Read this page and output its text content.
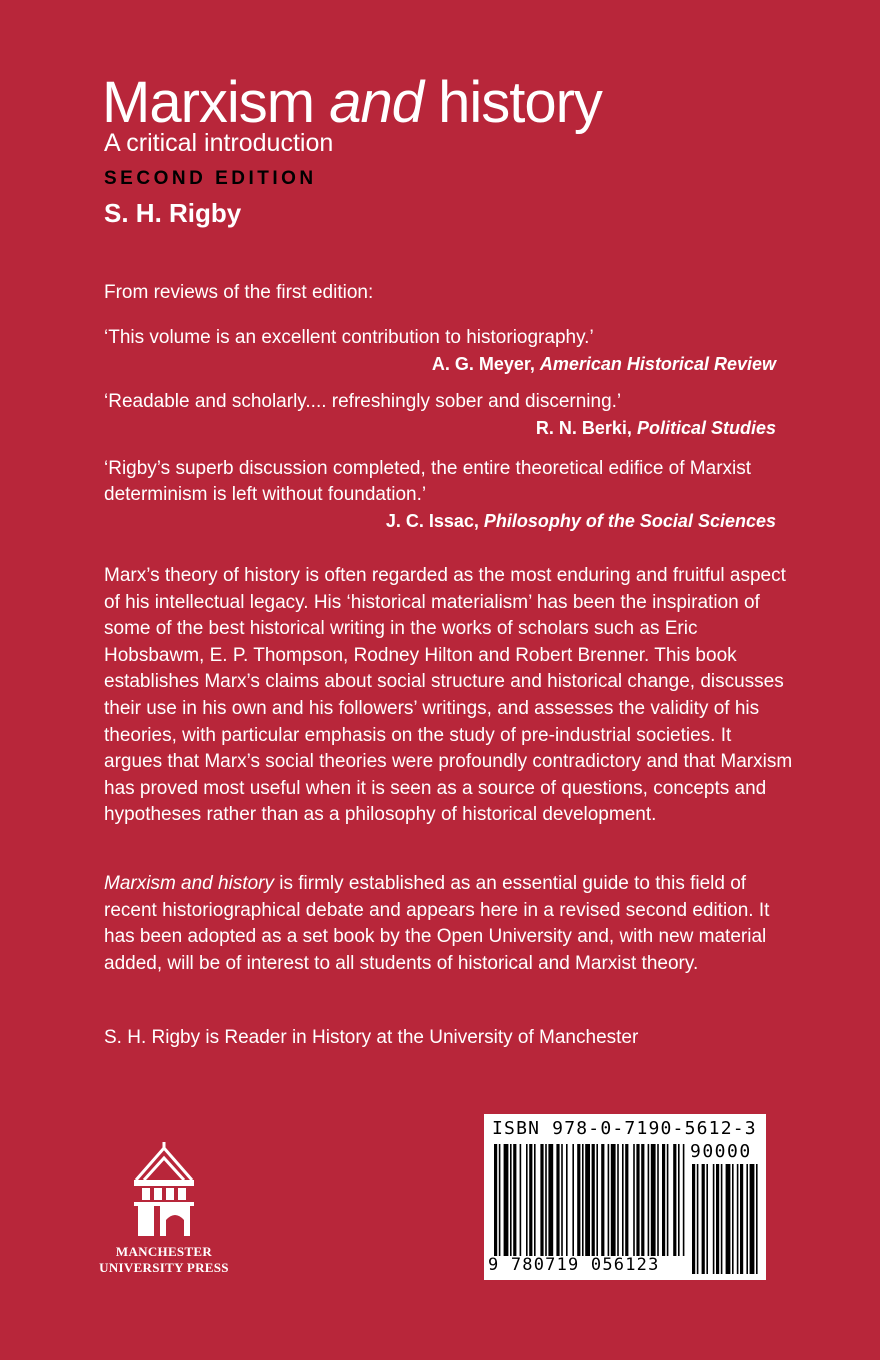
Marxism and history
A critical introduction
SECOND EDITION
S. H. Rigby
From reviews of the first edition:
‘This volume is an excellent contribution to historiography.’
A. G. Meyer, American Historical Review
‘Readable and scholarly.... refreshingly sober and discerning.’
R. N. Berki, Political Studies
‘Rigby’s superb discussion completed, the entire theoretical edifice of Marxist determinism is left without foundation.’
J. C. Issac, Philosophy of the Social Sciences
Marx’s theory of history is often regarded as the most enduring and fruitful aspect of his intellectual legacy. His ‘historical materialism’ has been the inspiration of some of the best historical writing in the works of scholars such as Eric Hobsbawm, E. P. Thompson, Rodney Hilton and Robert Brenner. This book establishes Marx’s claims about social structure and historical change, discusses their use in his own and his followers’ writings, and assesses the validity of his theories, with particular emphasis on the study of pre-industrial societies. It argues that Marx’s social theories were profoundly contradictory and that Marxism has proved most useful when it is seen as a source of questions, concepts and hypotheses rather than as a philosophy of historical development.
Marxism and history is firmly established as an essential guide to this field of recent historiographical debate and appears here in a revised second edition. It has been adopted as a set book by the Open University and, with new material added, will be of interest to all students of historical and Marxist theory.
S. H. Rigby is Reader in History at the University of Manchester
MANCHESTER
UNIVERSITY PRESS
ISBN 978-0-7190-5612-3
90000
9 780719 056123
